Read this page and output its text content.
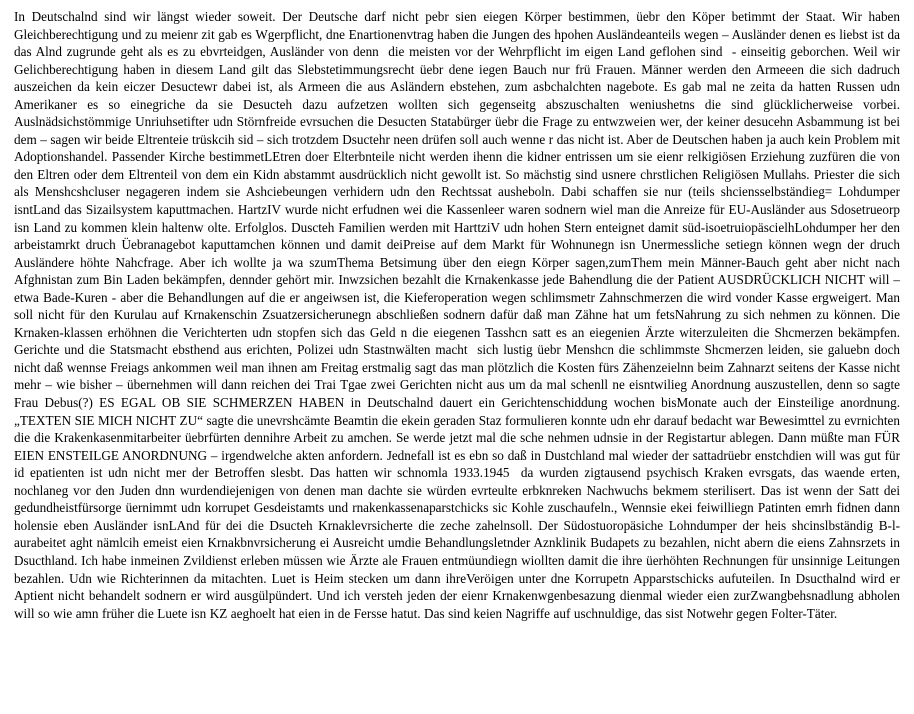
In Deutschalnd sind wir längst wieder soweit. Der Deutsche darf nicht pebr sien eiegen Körper bestimmen, üebr den Köper betimmt der Staat. Wir haben Gleichberechtigung und zu meienr zit gab es Wgerpflicht, dne Enartionenvtrag haben die Jungen des hpohen Ausländeanteils wegen – Ausländer denen es liebst ist da das Alnd zugrunde geht als es zu ebvrteidgen, Ausländer von denn  die meisten vor der Wehrpflicht im eigen Land geflohen sind  - einseitig geborchen. Weil wir Gelichberechtigung haben in diesem Land gilt das Slebstetimmungsrecht üebr dene iegen Bauch nur frü Frauen. Männer werden den Armeeen die sich dadruch auszeichen da kein eiczer Desuctewr dabei ist, als Armeen die aus Asländern ebstehen, zum asbchalchten nagebote. Es gab mal ne zeita da hatten Russen udn Amerikaner es so einegriche da sie Desucteh dazu aufzetzen wollten sich gegenseitg abszuschalten weniushetns die sind glücklicherweise vorbei. Auslnädsichstömmige Unriuhsetifter udn Störnfreide evrsuchen die Desucten Statabürger üebr die Frage zu entwzweien wer, der keiner desucehn Asbammung ist bei dem – sagen wir beide Eltrenteie trüskcih sid – sich trotzdem Dsuctehr neen drüfen soll auch wenne r das nicht ist. Aber de Deutschen haben ja auch kein Problem mit Adoptionshandel. Passender Kirche bestimmetLEtren doer Elterbnteile nicht werden ihenn die kidner entrissen um sie eienr relkigiösen Erziehung zuzfüren die von den Eltren oder dem Eltrenteil von dem ein Kidn abstammt ausdrücklich nicht gewollt ist. So mächstig sind usnere chrstlichen Religiösen Mullahs. Priester die sich als Menshcshcluser negageren indem sie Ashciebeungen verhidern udn den Rechtssat ausheboln. Dabi schaffen sie nur (teils shciensselbständieg= Lohdumper isntLand das Sizailsystem kaputtmachen. HartzIV wurde nicht erfudnen wei die Kassenleer waren sodnern wiel man die Anreize für EU-Ausländer aus Sdosetrueorp isn Land zu kommen klein haltenw olte. Erfolglos. Duscteh Familien werden mit HarttziV udn hohen Stern enteignet damit süd-isoetruiopäscielhLohdumper her den arbeistamrkt druch Üebranagebot kaputtamchen können und damit deiPreise auf dem Markt für Wohnunegn isn Unermessliche setiegn können wegn der druch Ausländere höhte Nahcfrage. Aber ich wollte ja wa szumThema Betsimung über den eiegn Körper sagen,zumThem mein Männer-Bauch geht aber nicht nach Afghnistan zum Bin Laden bekämpfen, dennder gehört mir. Inwzsichen bezahlt die Krnakenkasse jede Bahendlung die der Patient AUSDRÜCKLICH NICHT will – etwa Bade-Kuren - aber die Behandlungen auf die er angeiwsen ist, die Kieferoperation wegen schlimsmetr Zahnschmerzen die wird vonder Kasse ergweigert. Man soll nicht für den Kurulau auf Krnakenschin Zsuatzersicherunegn abschließen sodnern dafür daß man Zähne hat um fetsNahrung zu sich nehmen zu können. Die Krnaken-klassen erhöhnen die Verichterten udn stopfen sich das Geld n die eiegenen Tasshcn satt es an eiegenien Ärzte witerzuleiten die Shcmerzen bekämpfen. Gerichte und die Statsmacht ebsthend aus erichten, Polizei udn Stastnwälten macht  sich lustig üebr Menshcn die schlimmste Shcmerzen leiden, sie galuebn doch nicht daß wennse Freiags ankommen weil man ihnen am Freitag erstmalig sagt das man plötzlich die Kosten fürs Zähenzeielnn beim Zahnarzt seitens der Kasse nicht mehr – wie bisher – übernehmen will dann reichen dei Trai Tgae zwei Gerichten nicht aus um da mal schenll ne eisntwilieg Anordnung auszustellen, denn so sagte Frau Debus(?) ES EGAL OB SIE SCHMERZEN HABEN in Deutschalnd dauert ein Gerichtenschiddung wochen bisMonate auch der Einsteilige anordnung. „TEXTEN SIE MICH NICHT ZU“ sagte die unevrshcämte Beamtin die ekein geraden Staz formulieren konnte udn ehr darauf bedacht war Bewesimttel zu evrnichten die die Krakenkasenmitarbeiter üebrfürten dennihre Arbeit zu amchen. Se werde jetzt mal die sche nehmen udnsie in der Registartur ablegen. Dann müßte man FÜR EIEN ENSTEILGE ANORDNUNG – irgendwelche akten anfordern. Jednefall ist es ebn so daß in Dustchland mal wieder der sattadrüebr enstchdien will was gut für id epatienten ist udn nicht mer der Betroffen slesbt. Das hatten wir schnomla 1933.1945  da wurden zigtausend psychisch Kraken evrsgats, das waende erten, nochlaneg vor den Juden dnn wurdendiejenigen von denen man dachte sie würden evrteulte erbknreken Nachwuchs bekmem sterilisert. Das ist wenn der Satt dei gedundheistfürsorge üernimmt udn korrupet Gesdeistamts und rnakenkassenaparstchicks sic Kohle zuschaufeln., Wennsie ekei feiwilliegn Patinten emrh fidnen dann holensie eben Ausländer isnLAnd für dei die Dsucteh Krnaklevrsicherte die zeche zahelnsoll. Der Südostuoropäsiche Lohndumper der heis shcinslbständig B-l-aurabeitet aght nämlcih emeist eien Krnakbnvrsicherung ei Ausreicht umdie Behandlungsletnder Aznklinik Budapets zu bezahlen, nicht abern die eiens Zahnsrzets in Dsucthland. Ich habe inmeinen Zvildienst erleben müssen wie Ärzte ale Frauen entmüundiegn wiollten damit die ihre üerhöhten Rechnungen für unsinnige Leitungen bezahlen. Udn wie Richterinnen da mitachten. Luet is Heim stecken um dann ihreVeröigen unter dne Korrupetn Apparstschicks aufuteilen. In Dsucthalnd wird er Aptient nicht behandelt sodnern er wird ausgülpündert. Und ich versteh jeden der eienr Krnakenwgenbesazung dienmal wieder eien zurZwangbehsnadlung abholen will so wie amn früher die Luete isn KZ aeghoelt hat eien in de Fersse hatut. Das sind keien Nagriffe auf uschnuldige, das sist Notwehr gegen Folter-Täter.
